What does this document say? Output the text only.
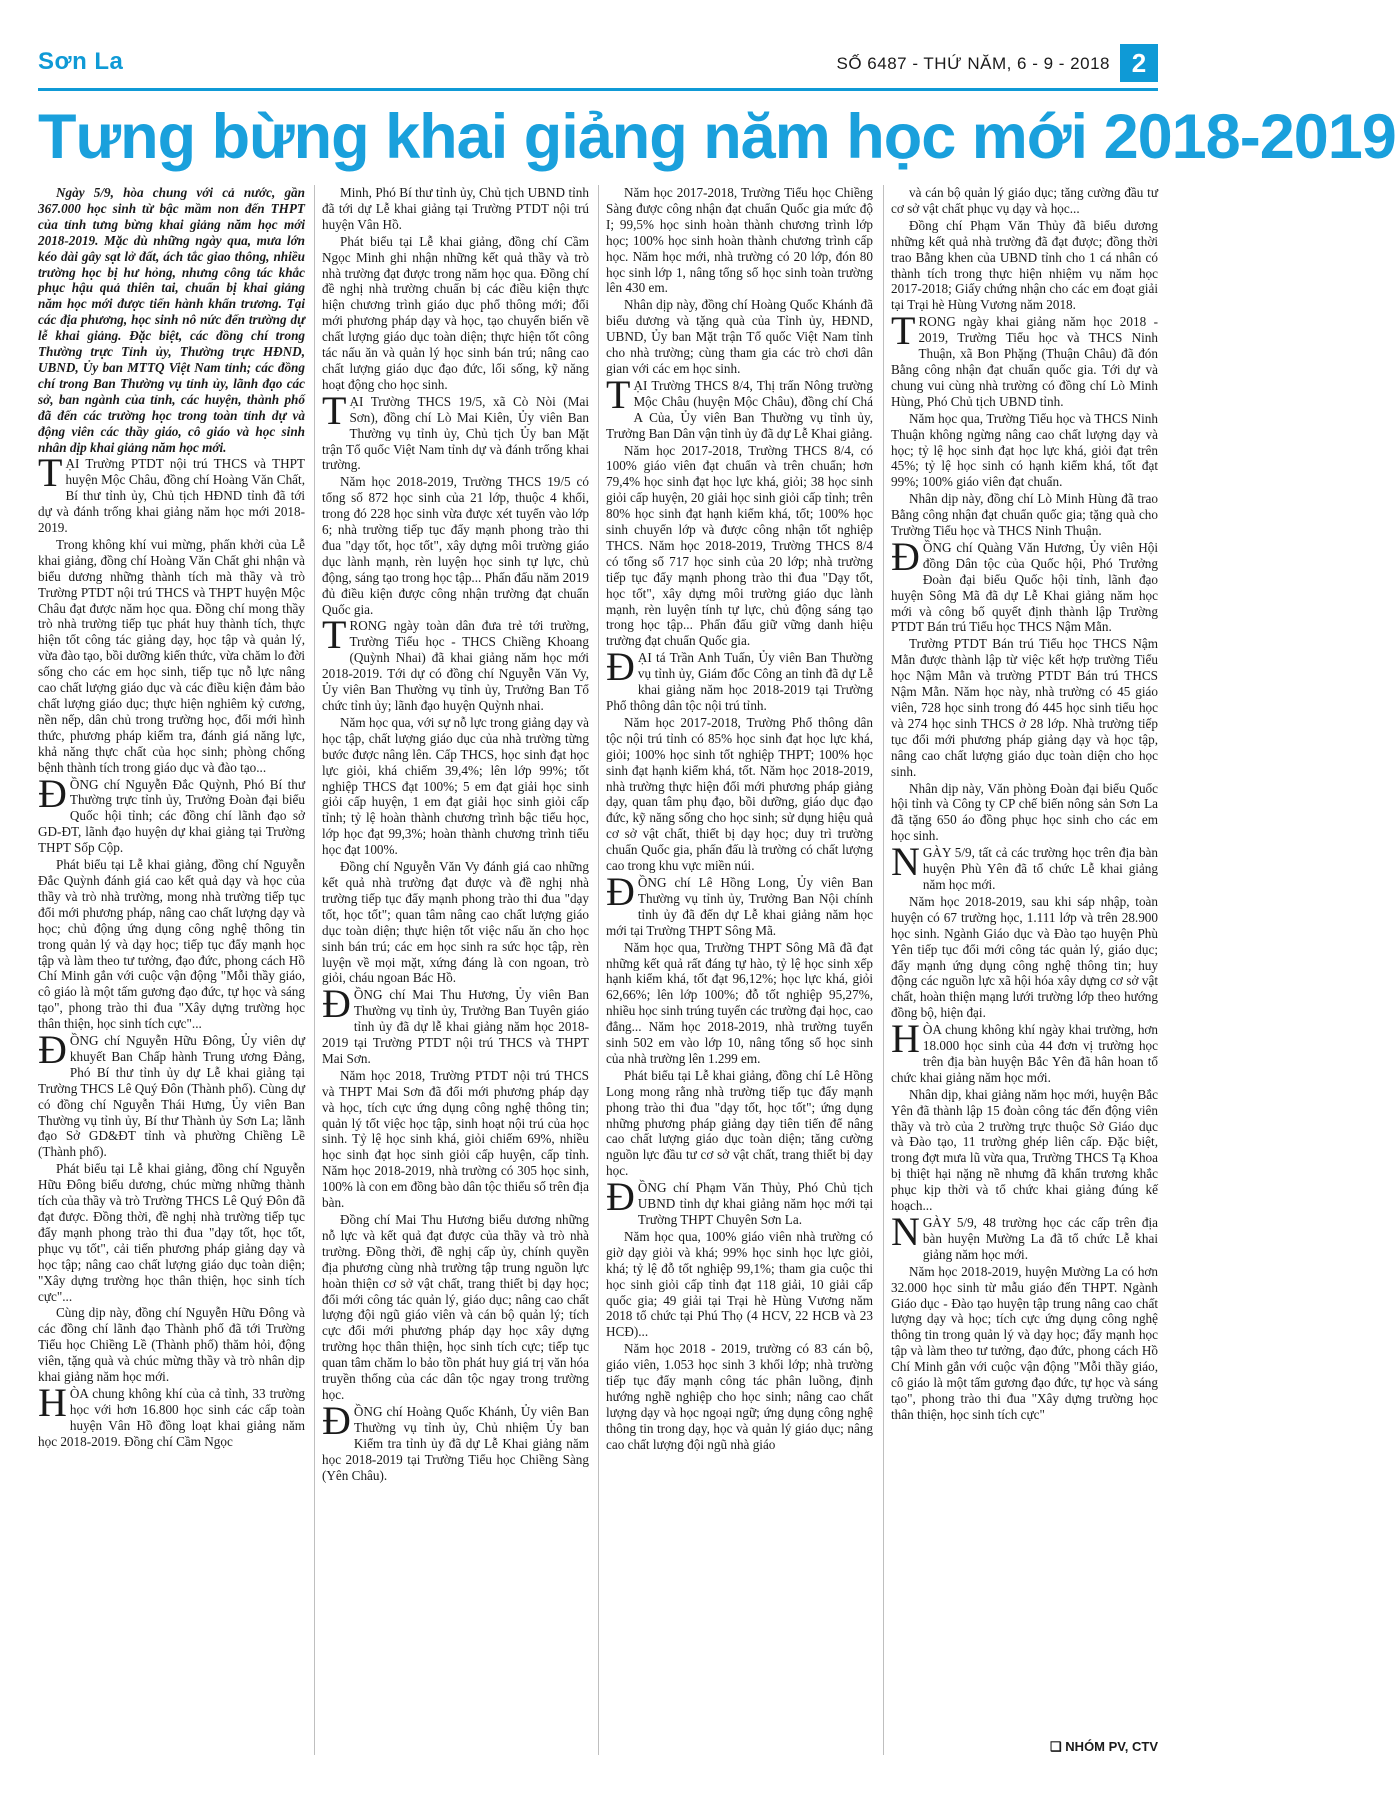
Sơn La	SỐ 6487 - THỨ NĂM, 6 - 9 - 2018 2
Tưng bừng khai giảng năm học mới 2018-2019

Ngày 5/9, hòa chung với cả nước, gần 367.000 học sinh từ bậc mầm non đến THPT của tỉnh tưng bừng khai giảng năm học mới 2018-2019. Mặc dù những ngày qua, mưa lớn kéo dài gây sạt lở đất, ách tắc giao thông, nhiều trường học bị hư hỏng, nhưng công tác khắc phục hậu quả thiên tai, chuẩn bị khai giảng năm học mới được tiến hành khẩn trương. Tại các địa phương, học sinh nô nức đến trường dự lễ khai giảng. Đặc biệt, các đồng chí trong Thường trực Tỉnh ủy, Thường trực HĐND, UBND, Ủy ban MTTQ Việt Nam tỉnh; các đồng chí trong Ban Thường vụ tỉnh ủy, lãnh đạo các sở, ban ngành của tỉnh, các huyện, thành phố đã đến các trường học trong toàn tỉnh dự và động viên các thầy giáo, cô giáo và học sinh nhân dịp khai giảng năm học mới.

TẠI Trường PTDT nội trú THCS và THPT huyện Mộc Châu, đồng chí Hoàng Văn Chất, Bí thư tỉnh ủy, Chủ tịch HĐND tỉnh đã tới dự và đánh trống khai giảng năm học mới 2018-2019.

Trong không khí vui mừng, phấn khởi của Lễ khai giảng, đồng chí Hoàng Văn Chất ghi nhận và biểu dương những thành tích mà thầy và trò Trường PTDT nội trú THCS và THPT huyện Mộc Châu đạt được năm học qua. Đồng chí mong thầy trò nhà trường tiếp tục phát huy thành tích, thực hiện tốt công tác giảng dạy, học tập và quản lý, vừa đào tạo, bồi dưỡng kiến thức, vừa chăm lo đời sống cho các em học sinh, tiếp tục nỗ lực nâng cao chất lượng giáo dục và các điều kiện đảm bảo chất lượng giáo dục; thực hiện nghiêm kỷ cương, nền nếp, dân chủ trong trường học, đổi mới hình thức, phương pháp kiểm tra, đánh giá năng lực, khả năng thực chất của học sinh; phòng chống bệnh thành tích trong giáo dục và đào tạo...

ĐỒNG chí Nguyễn Đắc Quỳnh, Phó Bí thư Thường trực tỉnh ủy, Trưởng Đoàn đại biểu Quốc hội tỉnh; các đồng chí lãnh đạo sở GD-ĐT, lãnh đạo huyện dự khai giảng tại Trường THPT Sốp Cộp.

Phát biểu tại Lễ khai giảng, đồng chí Nguyễn Đắc Quỳnh đánh giá cao kết quả dạy và học của thầy và trò nhà trường, mong nhà trường tiếp tục đổi mới phương pháp, nâng cao chất lượng dạy và học; chủ động ứng dụng công nghệ thông tin trong quản lý và dạy học; tiếp tục đẩy mạnh học tập và làm theo tư tưởng, đạo đức, phong cách Hồ Chí Minh gắn với cuộc vận động "Mỗi thầy giáo, cô giáo là một tấm gương đạo đức, tự học và sáng tạo", phong trào thi đua "Xây dựng trường học thân thiện, học sinh tích cực"...

ĐỒNG chí Nguyễn Hữu Đông, Ủy viên dự khuyết Ban Chấp hành Trung ương Đảng, Phó Bí thư tỉnh ủy dự Lễ khai giảng tại Trường THCS Lê Quý Đôn (Thành phố). Cùng dự có đồng chí Nguyễn Thái Hưng, Ủy viên Ban Thường vụ tỉnh ủy, Bí thư Thành ủy Sơn La; lãnh đạo Sở GD&ĐT tỉnh và phường Chiềng Lề (Thành phố).

Phát biểu tại Lễ khai giảng, đồng chí Nguyễn Hữu Đông biểu dương, chúc mừng những thành tích của thầy và trò Trường THCS Lê Quý Đôn đã đạt được. Đồng thời, đề nghị nhà trường tiếp tục đẩy mạnh phong trào thi đua "dạy tốt, học tốt, phục vụ tốt", cải tiến phương pháp giảng dạy và học tập; nâng cao chất lượng giáo dục toàn diện; "Xây dựng trường học thân thiện, học sinh tích cực"...

Cùng dịp này, đồng chí Nguyễn Hữu Đông và các đồng chí lãnh đạo Thành phố đã tới Trường Tiểu học Chiềng Lề (Thành phố) thăm hỏi, động viên, tặng quà và chúc mừng thầy và trò nhân dịp khai giảng năm học mới.

HÒA chung không khí của cả tỉnh, 33 trường học với hơn 16.800 học sinh các cấp toàn huyện Vân Hồ đồng loạt khai giảng năm học 2018-2019. Đồng chí Cầm Ngọc

Minh, Phó Bí thư tỉnh ủy, Chủ tịch UBND tỉnh đã tới dự Lễ khai giảng tại Trường PTDT nội trú huyện Vân Hồ.

Phát biểu tại Lễ khai giảng, đồng chí Cầm Ngọc Minh ghi nhận những kết quả thầy và trò nhà trường đạt được trong năm học qua. Đồng chí đề nghị nhà trường chuẩn bị các điều kiện thực hiện chương trình giáo dục phổ thông mới; đổi mới phương pháp dạy và học, tạo chuyển biến về chất lượng giáo dục toàn diện; thực hiện tốt công tác nấu ăn và quản lý học sinh bán trú; nâng cao chất lượng giáo dục đạo đức, lối sống, kỹ năng hoạt động cho học sinh.

TẠI Trường THCS 19/5, xã Cò Nòi (Mai Sơn), đồng chí Lò Mai Kiên, Ủy viên Ban Thường vụ tỉnh ủy, Chủ tịch Ủy ban Mặt trận Tổ quốc Việt Nam tỉnh dự và đánh trống khai trường.

Năm học 2018-2019, Trường THCS 19/5 có tổng số 872 học sinh của 21 lớp, thuộc 4 khối, trong đó 228 học sinh vừa được xét tuyển vào lớp 6; nhà trường tiếp tục đẩy mạnh phong trào thi đua "dạy tốt, học tốt", xây dựng môi trường giáo dục lành mạnh, rèn luyện học sinh tự lực, chủ động, sáng tạo trong học tập... Phấn đấu năm 2019 đủ điều kiện được công nhận trường đạt chuẩn Quốc gia.

TRONG ngày toàn dân đưa trẻ tới trường, Trường Tiểu học - THCS Chiềng Khoang (Quỳnh Nhai) đã khai giảng năm học mới 2018-2019. Tới dự có đồng chí Nguyễn Văn Vy, Ủy viên Ban Thường vụ tỉnh ủy, Trưởng Ban Tổ chức tỉnh ủy; lãnh đạo huyện Quỳnh nhai.

Năm học qua, với sự nỗ lực trong giảng dạy và học tập, chất lượng giáo dục của nhà trường từng bước được nâng lên. Cấp THCS, học sinh đạt học lực giỏi, khá chiếm 39,4%; lên lớp 99%; tốt nghiệp THCS đạt 100%; 5 em đạt giải học sinh giỏi cấp huyện, 1 em đạt giải học sinh giỏi cấp tỉnh; tỷ lệ hoàn thành chương trình bậc tiểu học, lớp học đạt 99,3%; hoàn thành chương trình tiểu học đạt 100%.

Đồng chí Nguyễn Văn Vy đánh giá cao những kết quả nhà trường đạt được và đề nghị nhà trường tiếp tục đẩy mạnh phong trào thi đua "dạy tốt, học tốt"; quan tâm nâng cao chất lượng giáo dục toàn diện; thực hiện tốt việc nấu ăn cho học sinh bán trú; các em học sinh ra sức học tập, rèn luyện về mọi mặt, xứng đáng là con ngoan, trò giỏi, cháu ngoan Bác Hồ.

ĐỒNG chí Mai Thu Hương, Ủy viên Ban Thường vụ tỉnh ủy, Trưởng Ban Tuyên giáo tỉnh ủy đã dự lễ khai giảng năm học 2018-2019 tại Trường PTDT nội trú THCS và THPT Mai Sơn.

Năm học 2018, Trường PTDT nội trú THCS và THPT Mai Sơn đã đổi mới phương pháp dạy và học, tích cực ứng dụng công nghệ thông tin; quản lý tốt việc học tập, sinh hoạt nội trú của học sinh. Tỷ lệ học sinh khá, giỏi chiếm 69%, nhiều học sinh đạt học sinh giỏi cấp huyện, cấp tỉnh. Năm học 2018-2019, nhà trường có 305 học sinh, 100% là con em đồng bào dân tộc thiểu số trên địa bàn.

Đồng chí Mai Thu Hương biểu dương những nỗ lực và kết quả đạt được của thầy và trò nhà trường. Đồng thời, đề nghị cấp ủy, chính quyền địa phương cùng nhà trường tập trung nguồn lực hoàn thiện cơ sở vật chất, trang thiết bị dạy học; đổi mới công tác quản lý, giáo dục; nâng cao chất lượng đội ngũ giáo viên và cán bộ quản lý; tích cực đổi mới phương pháp dạy học xây dựng trường học thân thiện, học sinh tích cực; tiếp tục quan tâm chăm lo bảo tồn phát huy giá trị văn hóa truyền thống của các dân tộc ngay trong trường học.

ĐỒNG chí Hoàng Quốc Khánh, Ủy viên Ban Thường vụ tỉnh ủy, Chủ nhiệm Ủy ban Kiểm tra tỉnh ủy đã dự Lễ Khai giảng năm học 2018-2019 tại Trường Tiểu học Chiềng Sàng (Yên Châu).

Năm học 2017-2018, Trường Tiểu học Chiềng Sàng được công nhận đạt chuẩn Quốc gia mức độ I; 99,5% học sinh hoàn thành chương trình lớp học; 100% học sinh hoàn thành chương trình cấp học. Năm học mới, nhà trường có 20 lớp, đón 80 học sinh lớp 1, nâng tổng số học sinh toàn trường lên 430 em.

Nhân dịp này, đồng chí Hoàng Quốc Khánh đã biểu dương và tặng quà của Tỉnh ủy, HĐND, UBND, Ủy ban Mặt trận Tổ quốc Việt Nam tỉnh cho nhà trường; cùng tham gia các trò chơi dân gian với các em học sinh.

TẠI Trường THCS 8/4, Thị trấn Nông trường Mộc Châu (huyện Mộc Châu), đồng chí Chá A Của, Ủy viên Ban Thường vụ tỉnh ủy, Trưởng Ban Dân vận tỉnh ủy đã dự Lễ Khai giảng.

Năm học 2017-2018, Trường THCS 8/4, có 100% giáo viên đạt chuẩn và trên chuẩn; hơn 79,4% học sinh đạt học lực khá, giỏi; 38 học sinh giỏi cấp huyện, 20 giải học sinh giỏi cấp tỉnh; trên 80% học sinh đạt hạnh kiểm khá, tốt; 100% học sinh chuyển lớp và được công nhận tốt nghiệp THCS. Năm học 2018-2019, Trường THCS 8/4 có tổng số 717 học sinh của 20 lớp; nhà trường tiếp tục đẩy mạnh phong trào thi đua "Dạy tốt, học tốt", xây dựng môi trường giáo dục lành mạnh, rèn luyện tính tự lực, chủ động sáng tạo trong học tập... Phấn đấu giữ vững danh hiệu trường đạt chuẩn Quốc gia.

ĐẠI tá Trần Anh Tuấn, Ủy viên Ban Thường vụ tỉnh ủy, Giám đốc Công an tỉnh đã dự Lễ khai giảng năm học 2018-2019 tại Trường Phổ thông dân tộc nội trú tỉnh.

Năm học 2017-2018, Trường Phổ thông dân tộc nội trú tỉnh có 85% học sinh đạt học lực khá, giỏi; 100% học sinh tốt nghiệp THPT; 100% học sinh đạt hạnh kiểm khá, tốt. Năm học 2018-2019, nhà trường thực hiện đổi mới phương pháp giảng dạy, quan tâm phụ đạo, bồi dưỡng, giáo dục đạo đức, kỹ năng sống cho học sinh; sử dụng hiệu quả cơ sở vật chất, thiết bị dạy học; duy trì trường chuẩn Quốc gia, phấn đấu là trường có chất lượng cao trong khu vực miền núi.

ĐỒNG chí Lê Hồng Long, Ủy viên Ban Thường vụ tỉnh ủy, Trưởng Ban Nội chính tỉnh ủy đã đến dự Lễ khai giảng năm học mới tại Trường THPT Sông Mã.

Năm học qua, Trường THPT Sông Mã đã đạt những kết quả rất đáng tự hào, tỷ lệ học sinh xếp hạnh kiểm khá, tốt đạt 96,12%; học lực khá, giỏi 62,66%; lên lớp 100%; đỗ tốt nghiệp 95,27%, nhiều học sinh trúng tuyển các trường đại học, cao đẳng... Năm học 2018-2019, nhà trường tuyển sinh 502 em vào lớp 10, nâng tổng số học sinh của nhà trường lên 1.299 em.

Phát biểu tại Lễ khai giảng, đồng chí Lê Hồng Long mong rằng nhà trường tiếp tục đẩy mạnh phong trào thi đua "dạy tốt, học tốt"; ứng dụng những phương pháp giảng dạy tiên tiến để nâng cao chất lượng giáo dục toàn diện; tăng cường nguồn lực đầu tư cơ sở vật chất, trang thiết bị dạy học.

ĐỒNG chí Phạm Văn Thủy, Phó Chủ tịch UBND tỉnh dự khai giảng năm học mới tại Trường THPT Chuyên Sơn La.

Năm học qua, 100% giáo viên nhà trường có giờ dạy giỏi và khá; 99% học sinh học lực giỏi, khá; tỷ lệ đỗ tốt nghiệp 99,1%; tham gia cuộc thi học sinh giỏi cấp tỉnh đạt 118 giải, 10 giải cấp quốc gia; 49 giải tại Trại hè Hùng Vương năm 2018 tổ chức tại Phú Thọ (4 HCV, 22 HCB và 23 HCĐ)...

Năm học 2018 - 2019, trường có 83 cán bộ, giáo viên, 1.053 học sinh 3 khối lớp; nhà trường tiếp tục đẩy mạnh công tác phân luồng, định hướng nghề nghiệp cho học sinh; nâng cao chất lượng dạy và học ngoại ngữ; ứng dụng công nghệ thông tin trong dạy, học và quản lý giáo dục; nâng cao chất lượng đội ngũ nhà giáo

và cán bộ quản lý giáo dục; tăng cường đầu tư cơ sở vật chất phục vụ dạy và học...

Đồng chí Phạm Văn Thủy đã biểu dương những kết quả nhà trường đã đạt được; đồng thời trao Bằng khen của UBND tỉnh cho 1 cá nhân có thành tích trong thực hiện nhiệm vụ năm học 2017-2018; Giấy chứng nhận cho các em đoạt giải tại Trại hè Hùng Vương năm 2018.

TRONG ngày khai giảng năm học 2018 - 2019, Trường Tiểu học và THCS Ninh Thuận, xã Bon Phặng (Thuận Châu) đã đón Bằng công nhận đạt chuẩn quốc gia. Tới dự và chung vui cùng nhà trường có đồng chí Lò Minh Hùng, Phó Chủ tịch UBND tỉnh.

Năm học qua, Trường Tiểu học và THCS Ninh Thuận không ngừng nâng cao chất lượng dạy và học; tỷ lệ học sinh đạt học lực khá, giỏi đạt trên 45%; tỷ lệ học sinh có hạnh kiểm khá, tốt đạt 99%; 100% giáo viên đạt chuẩn.

Nhân dịp này, đồng chí Lò Minh Hùng đã trao Bằng công nhận đạt chuẩn quốc gia; tặng quà cho Trường Tiểu học và THCS Ninh Thuận.

ĐỒNG chí Quàng Văn Hương, Ủy viên Hội đồng Dân tộc của Quốc hội, Phó Trưởng Đoàn đại biểu Quốc hội tỉnh, lãnh đạo huyện Sông Mã đã dự Lễ Khai giảng năm học mới và công bố quyết định thành lập Trường PTDT Bán trú Tiểu học THCS Nậm Mằn.

Trường PTDT Bán trú Tiểu học THCS Nậm Mằn được thành lập từ việc kết hợp trường Tiểu học Nậm Mằn và trường PTDT Bán trú THCS Nậm Mằn. Năm học này, nhà trường có 45 giáo viên, 728 học sinh trong đó 445 học sinh tiểu học và 274 học sinh THCS ở 28 lớp. Nhà trường tiếp tục đổi mới phương pháp giảng dạy và học tập, nâng cao chất lượng giáo dục toàn diện cho học sinh.

Nhân dịp này, Văn phòng Đoàn đại biểu Quốc hội tỉnh và Công ty CP chế biến nông sản Sơn La đã tặng 650 áo đồng phục học sinh cho các em học sinh.

NGÀY 5/9, tất cả các trường học trên địa bàn huyện Phù Yên đã tổ chức Lễ khai giảng năm học mới.

Năm học 2018-2019, sau khi sáp nhập, toàn huyện có 67 trường học, 1.111 lớp và trên 28.900 học sinh. Ngành Giáo dục và Đào tạo huyện Phù Yên tiếp tục đổi mới công tác quản lý, giáo dục; đẩy mạnh ứng dụng công nghệ thông tin; huy động các nguồn lực xã hội hóa xây dựng cơ sở vật chất, hoàn thiện mạng lưới trường lớp theo hướng đồng bộ, hiện đại.

HÒA chung không khí ngày khai trường, hơn 18.000 học sinh của 44 đơn vị trường học trên địa bàn huyện Bắc Yên đã hân hoan tổ chức khai giảng năm học mới.

Nhân dịp, khai giảng năm học mới, huyện Bắc Yên đã thành lập 15 đoàn công tác đến động viên thầy và trò của 2 trường trực thuộc Sở Giáo dục và Đào tạo, 11 trường ghép liên cấp. Đặc biệt, trong đợt mưa lũ vừa qua, Trường THCS Tạ Khoa bị thiệt hại nặng nề nhưng đã khẩn trương khắc phục kịp thời và tổ chức khai giảng đúng kế hoạch...

NGÀY 5/9, 48 trường học các cấp trên địa bàn huyện Mường La đã tổ chức Lễ khai giảng năm học mới.

Năm học 2018-2019, huyện Mường La có hơn 32.000 học sinh từ mẫu giáo đến THPT. Ngành Giáo dục - Đào tạo huyện tập trung nâng cao chất lượng dạy và học; tích cực ứng dụng công nghệ thông tin trong quản lý và dạy học; đẩy mạnh học tập và làm theo tư tưởng, đạo đức, phong cách Hồ Chí Minh gắn với cuộc vận động "Mỗi thầy giáo, cô giáo là một tấm gương đạo đức, tự học và sáng tạo", phong trào thi đua "Xây dựng trường học thân thiện, học sinh tích cực"

❑ NHÓM PV, CTV
